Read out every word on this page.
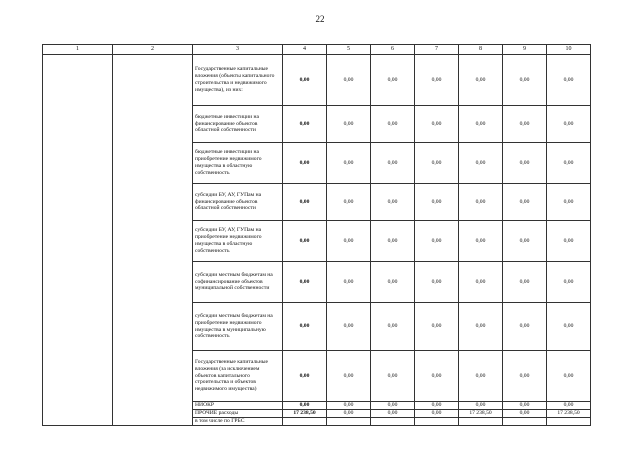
22
1	2	3	4	5	6	7	8	9	10
		Государственные капитальные вложения (объекты капитального строительства и недвижимого имущества), из них:	0,00	0,00	0,00	0,00	0,00	0,00	0,00
		бюджетные инвестиции на финансирование объектов областной собственности	0,00	0,00	0,00	0,00	0,00	0,00	0,00
		бюджетные инвестиции на приобретение недвижимого имущества в областную собственность	0,00	0,00	0,00	0,00	0,00	0,00	0,00
		субсидии БУ, АУ, ГУПам на финансирование объектов областной собственности	0,00	0,00	0,00	0,00	0,00	0,00	0,00
		субсидии БУ, АУ, ГУПам на приобретение недвижимого имущества в областную собственность	0,00	0,00	0,00	0,00	0,00	0,00	0,00
		субсидии местным бюджетам на софинансирование объектов муниципальной собственности	0,00	0,00	0,00	0,00	0,00	0,00	0,00
		субсидии местным бюджетам на приобретение недвижимого имущества в муниципальную собственность	0,00	0,00	0,00	0,00	0,00	0,00	0,00
		Государственные капитальные вложения (за исключением объектов капитального строительства и объектов недвижимого имущества)	0,00	0,00	0,00	0,00	0,00	0,00	0,00
		НИОКР	0,00	0,00	0,00	0,00	0,00	0,00	0,00
		ПРОЧИЕ расходы	17 238,50	0,00	0,00	0,00	17 238,50	0,00	17 238,50
		в том числе по ГРБС							
